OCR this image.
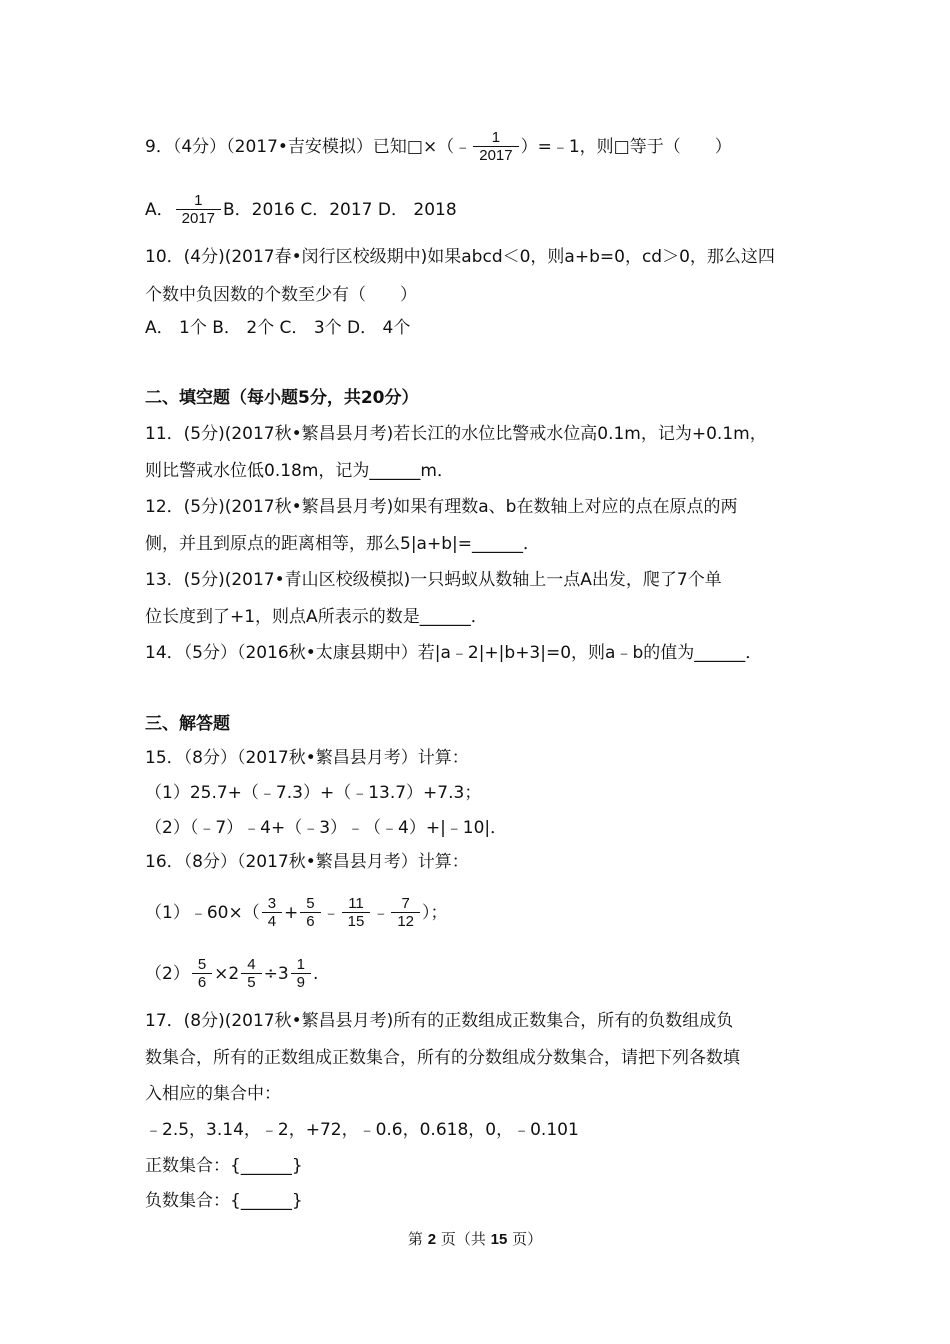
9．（4分）（2017•吉安模拟）已知□×（﹣ $\frac{1}{2017}$ ）=﹣1，则□等于（　　）
A． $\frac{1}{2017}$ B．2016 C．2017 D． 2018
10．(4分)(2017春•闵行区校级期中)如果abcd＜0，则a+b=0，cd＞0，那么这四
个数中负因数的个数至少有（　　）
A． 1个 B． 2个 C． 3个 D． 4个
二、填空题（每小题5分，共20分）
11．(5分)(2017秋•繁昌县月考)若长江的水位比警戒水位高0.1m，记为+0.1m，
则比警戒水位低0.18m，记为______m．
12．(5分)(2017秋•繁昌县月考)如果有理数a、b在数轴上对应的点在原点的两
侧，并且到原点的距离相等，那么5|a+b|=______．
13．(5分)(2017•青山区校级模拟)一只蚂蚁从数轴上一点A出发，爬了7个单
位长度到了+1，则点A所表示的数是______．
14．（5分）（2016秋•太康县期中）若|a﹣2|+|b+3|=0，则a﹣b的值为______．
三、解答题
15．（8分）（2017秋•繁昌县月考）计算：
（1）25.7+（﹣7.3）+（﹣13.7）+7.3；
（2）（﹣7）﹣4+（﹣3）﹣（﹣4）+|﹣10|．
16．（8分）（2017秋•繁昌县月考）计算：
（1）﹣60×（ $\frac{3}{4} + \frac{5}{6}$ ﹣ $\frac{11}{15}$ ﹣ $\frac{7}{12}$ ）；
$(2) \frac{5}{6} \times 2 \frac{4}{5} \div 3 \frac{1}{9}$ .
17．(8分)(2017秋•繁昌县月考)所有的正数组成正数集合，所有的负数组成负
数集合，所有的正数组成正数集合，所有的分数组成分数集合，请把下列各数填
入相应的集合中：
﹣2.5，3.14，﹣2，+72，﹣0.6，0.618，0，﹣0.101
正数集合：{______}
负数集合：{______}
第 2 页（共 15 页）
